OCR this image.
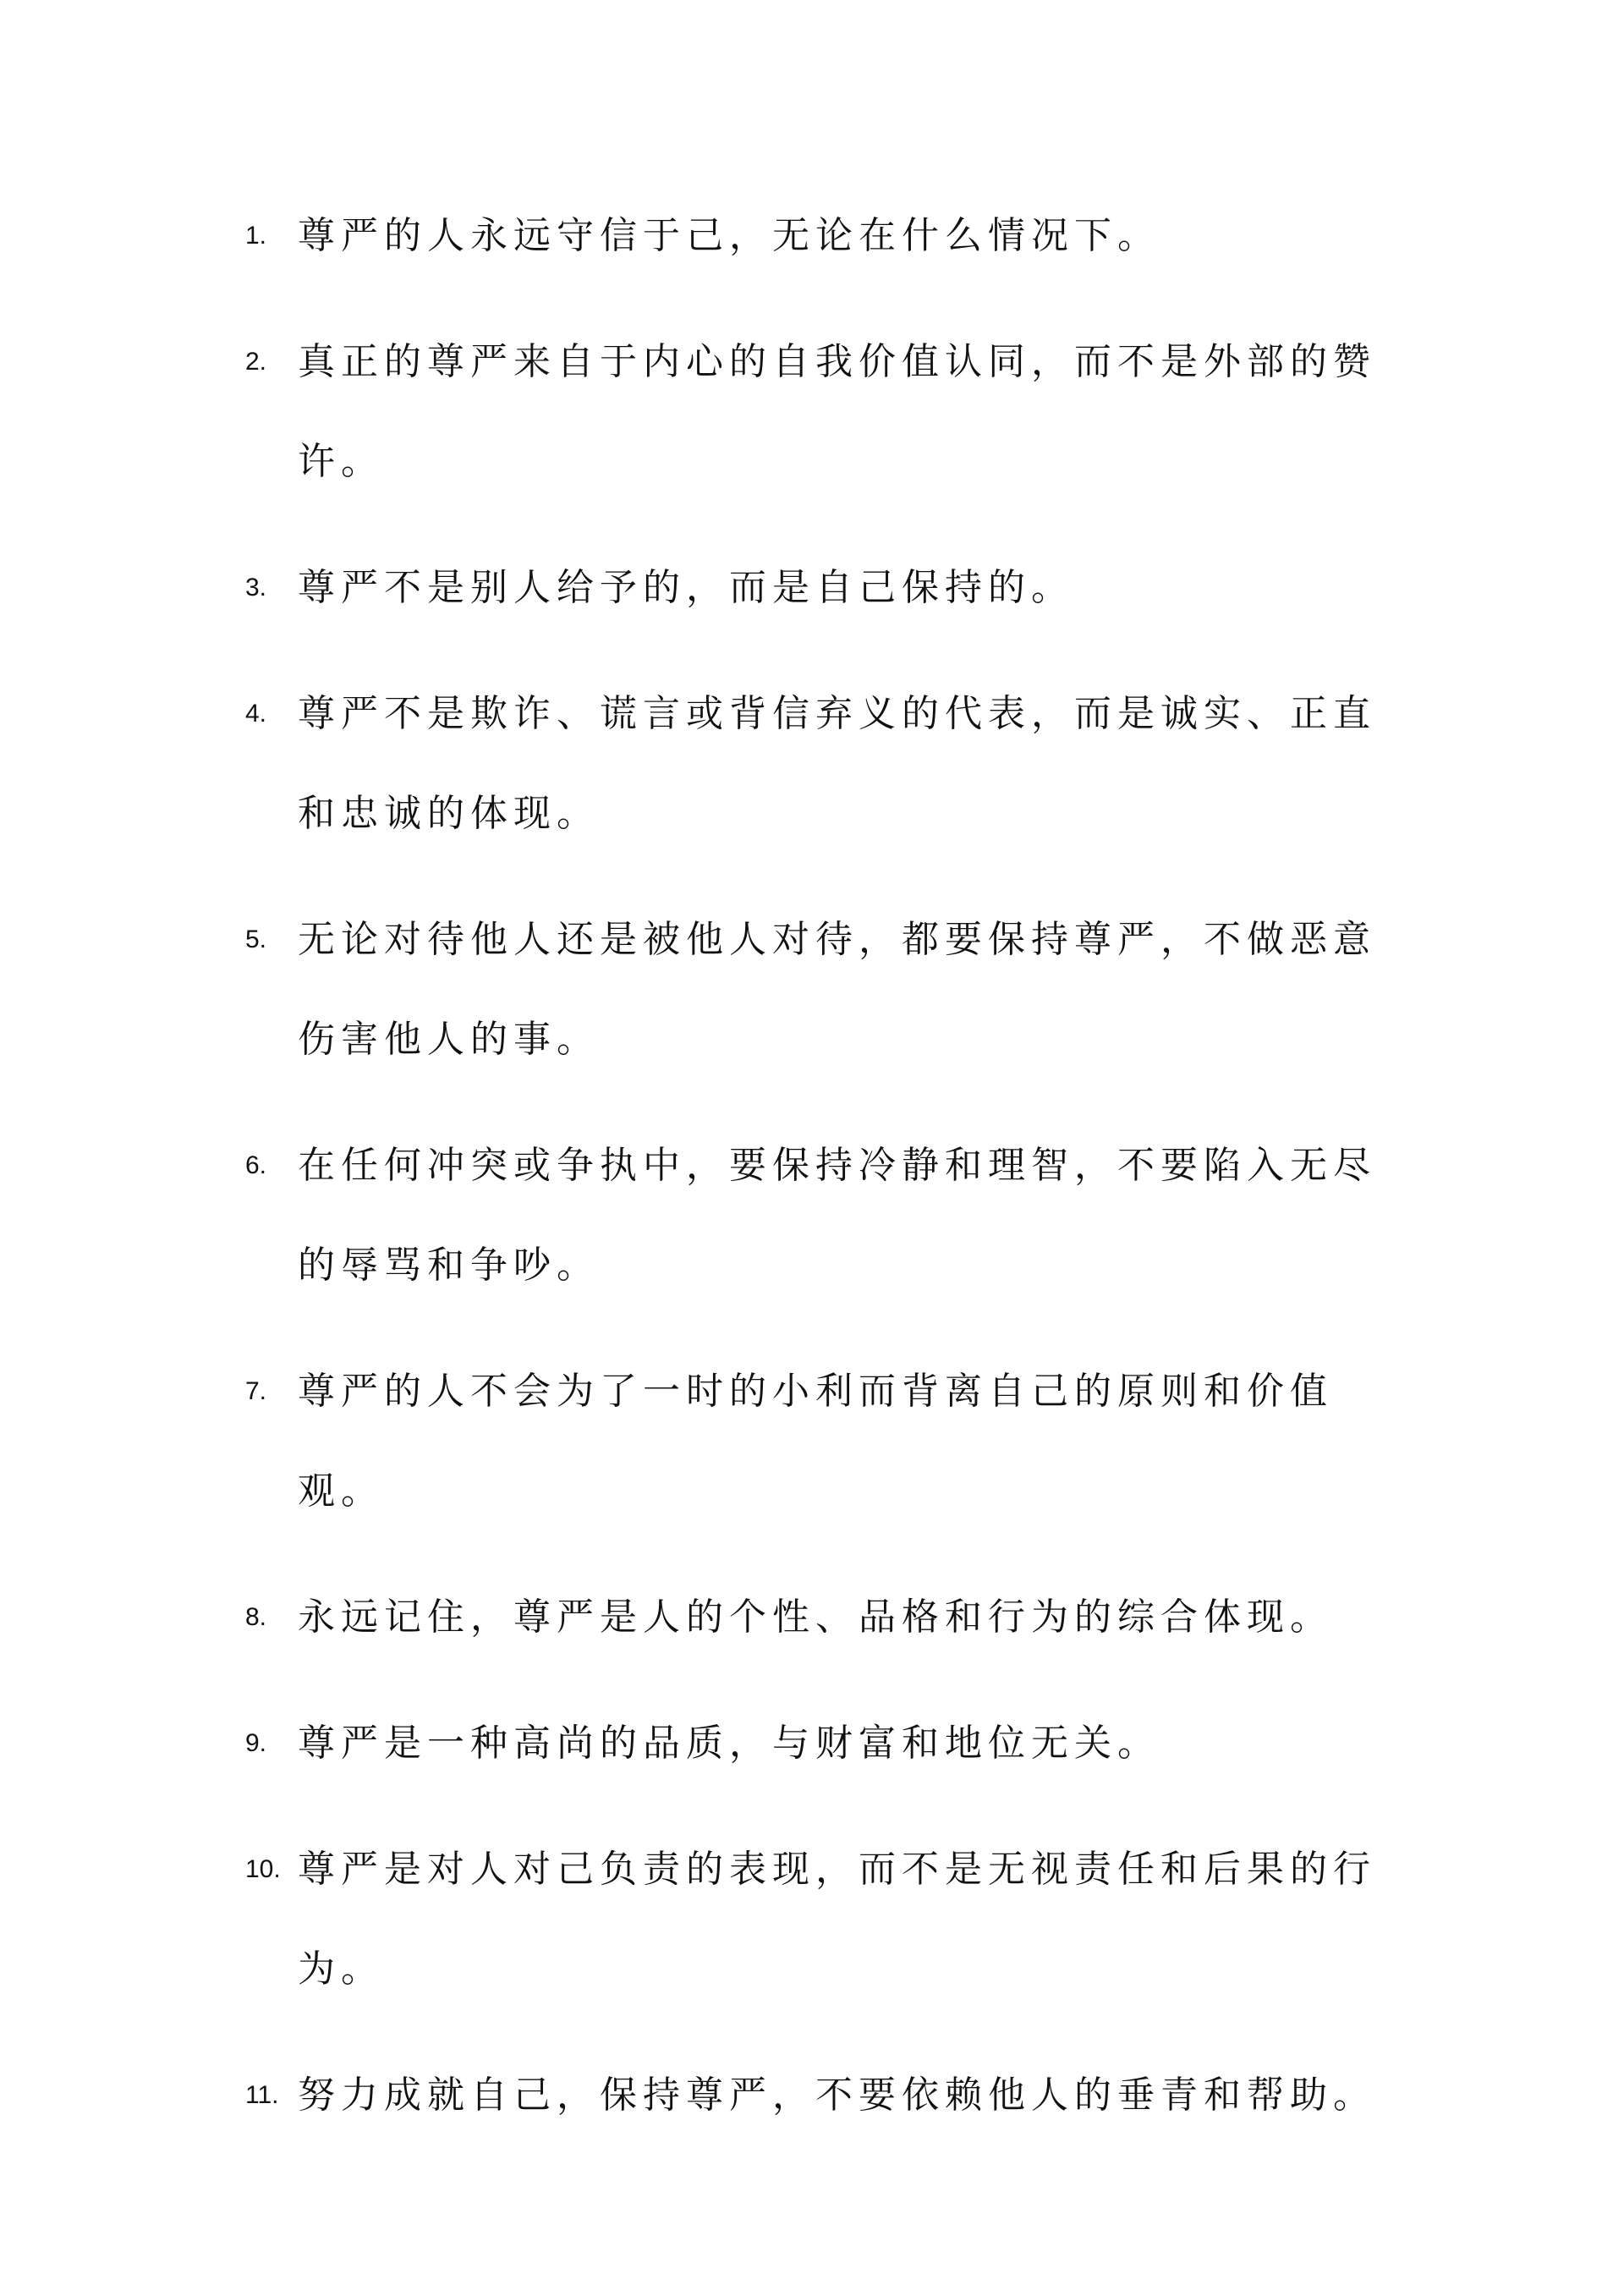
1. 尊严的人永远守信于己，无论在什么情况下。
2. 真正的尊严来自于内心的自我价值认同，而不是外部的赞许。
3. 尊严不是别人给予的，而是自己保持的。
4. 尊严不是欺诈、谎言或背信弃义的代表，而是诚实、正直和忠诚的体现。
5. 无论对待他人还是被他人对待，都要保持尊严，不做恶意伤害他人的事。
6. 在任何冲突或争执中，要保持冷静和理智，不要陷入无尽的辱骂和争吵。
7. 尊严的人不会为了一时的小利而背离自己的原则和价值观。
8. 永远记住，尊严是人的个性、品格和行为的综合体现。
9. 尊严是一种高尚的品质，与财富和地位无关。
10. 尊严是对人对己负责的表现，而不是无视责任和后果的行为。
11. 努力成就自己，保持尊严，不要依赖他人的垂青和帮助。
